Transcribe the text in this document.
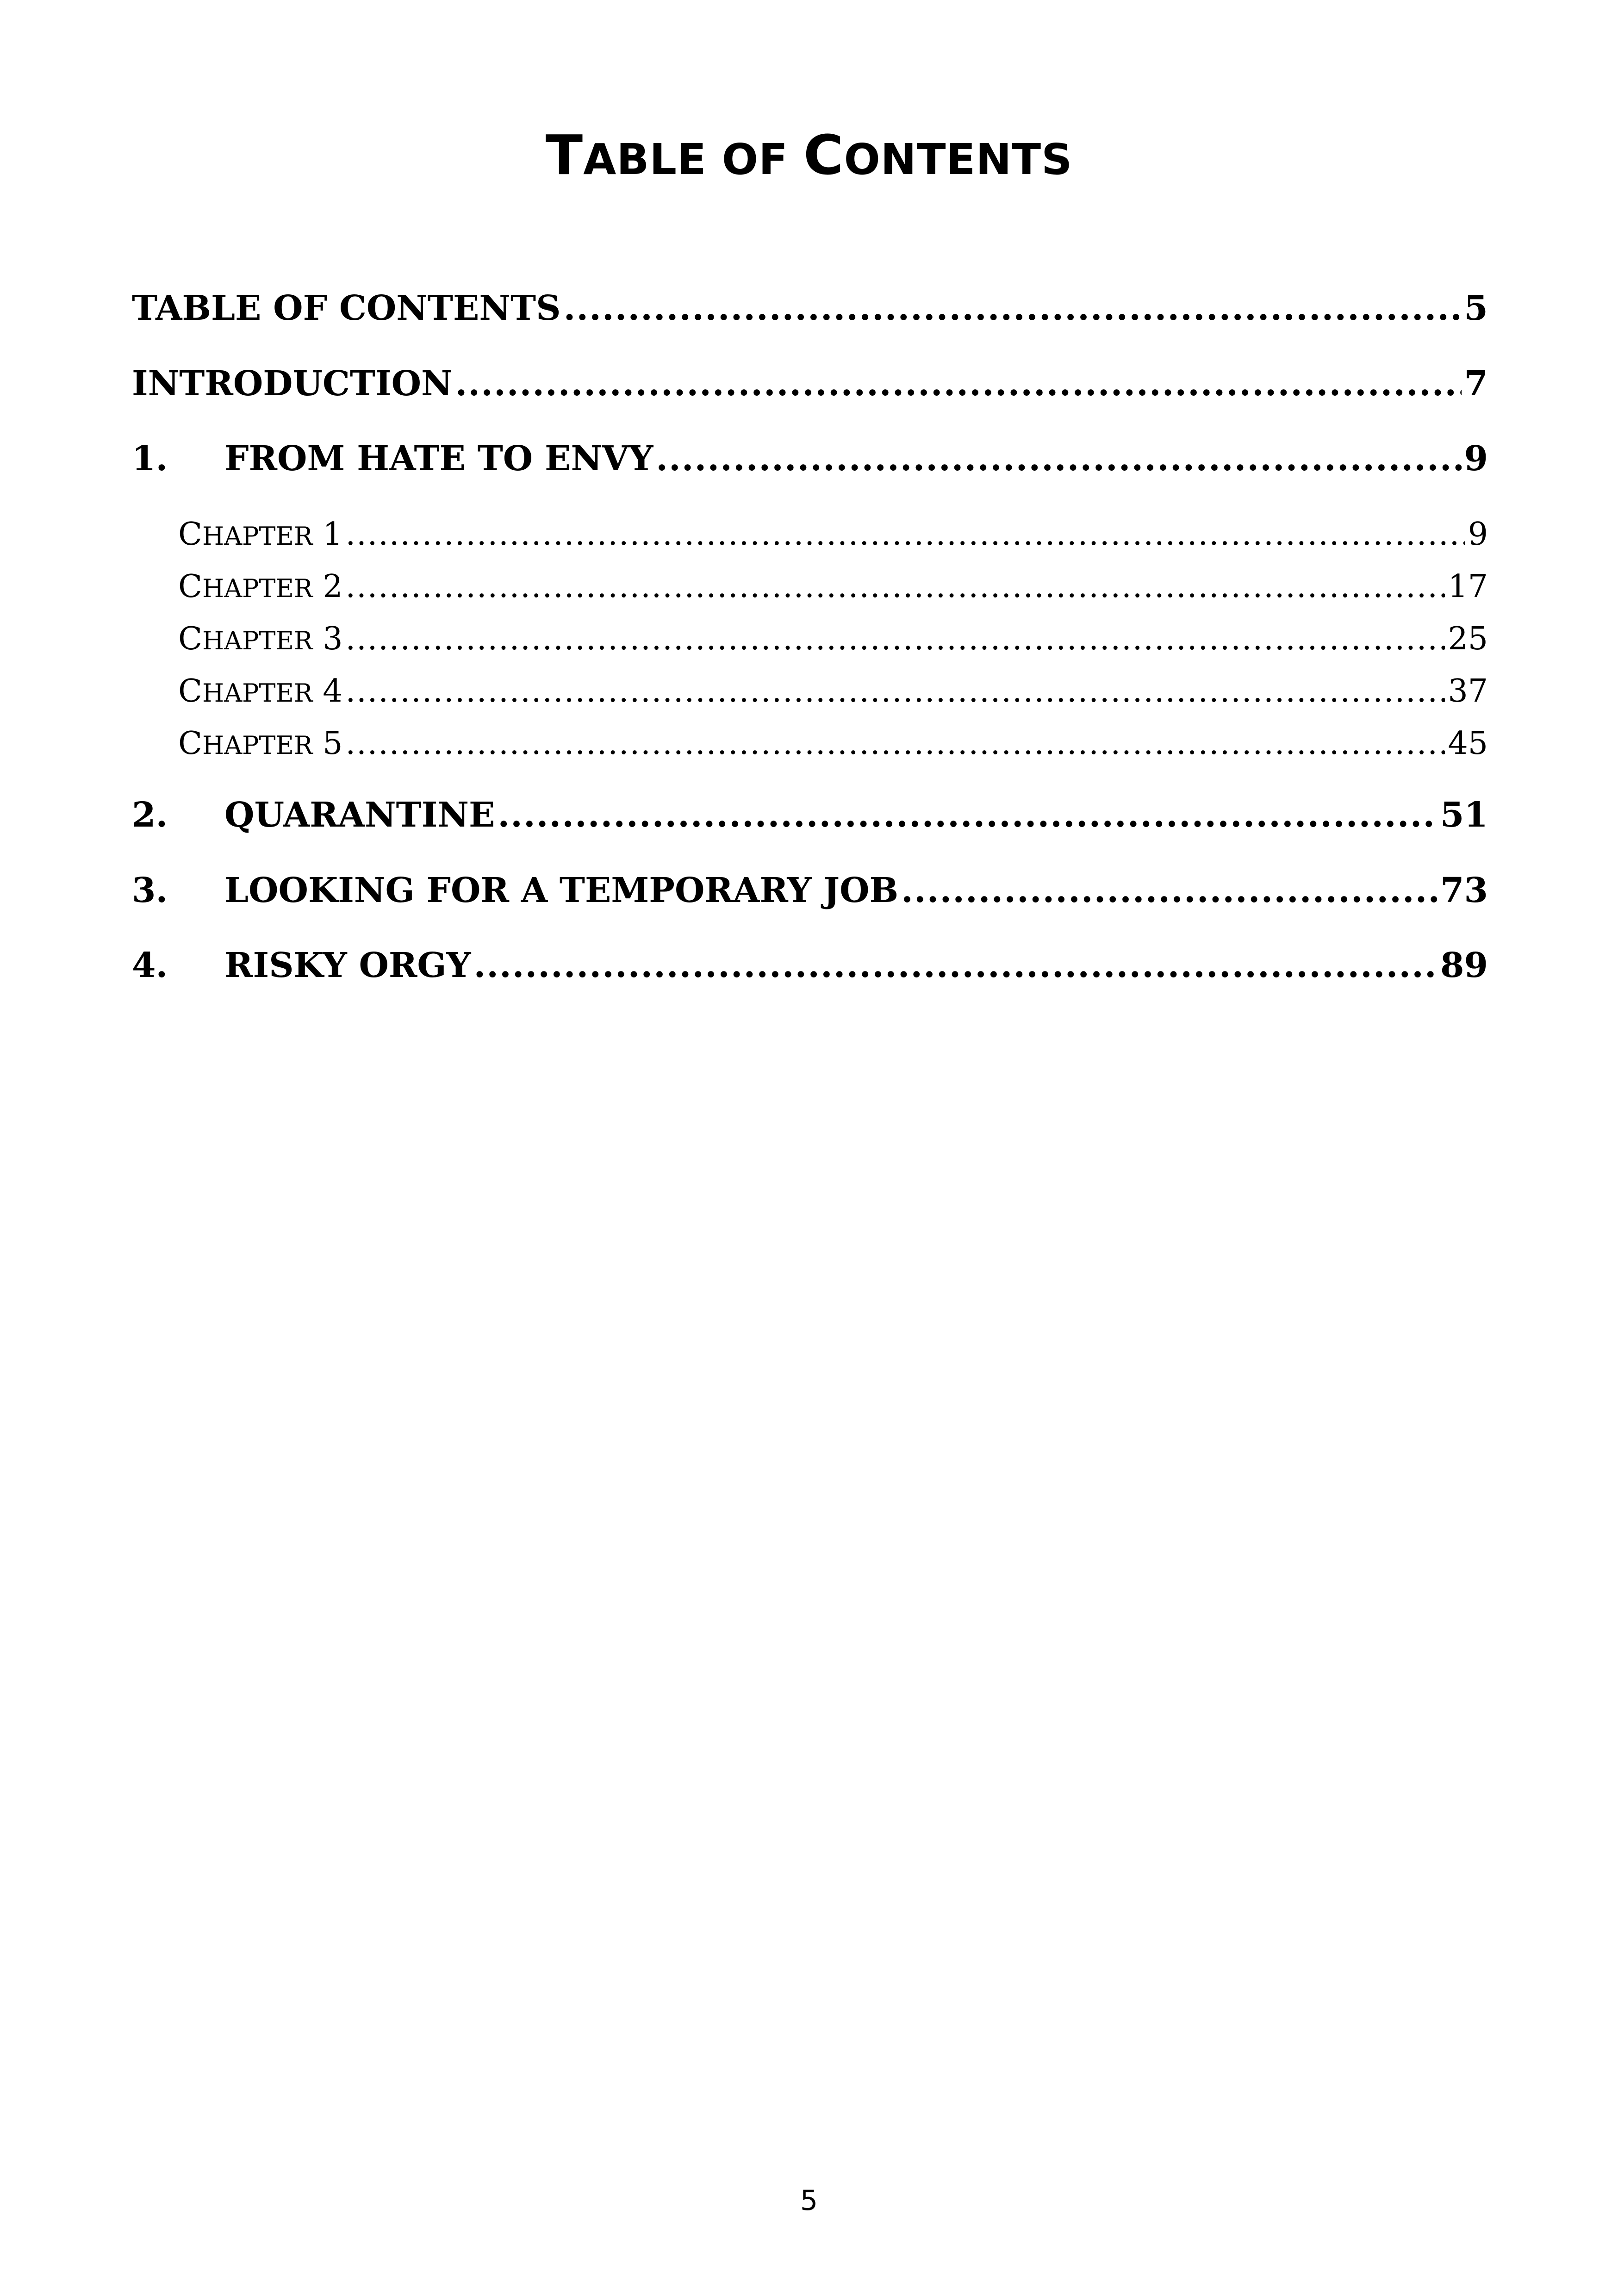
TABLE OF CONTENTS
TABLE OF CONTENTS .....	5
INTRODUCTION .....	7
1.	FROM HATE TO ENVY .....	9
CHAPTER 1 .....	9
CHAPTER 2 .....	17
CHAPTER 3 .....	25
CHAPTER 4 .....	37
CHAPTER 5 .....	45
2.	QUARANTINE .....	51
3.	LOOKING FOR A TEMPORARY JOB .....	73
4.	RISKY ORGY .....	89
5
